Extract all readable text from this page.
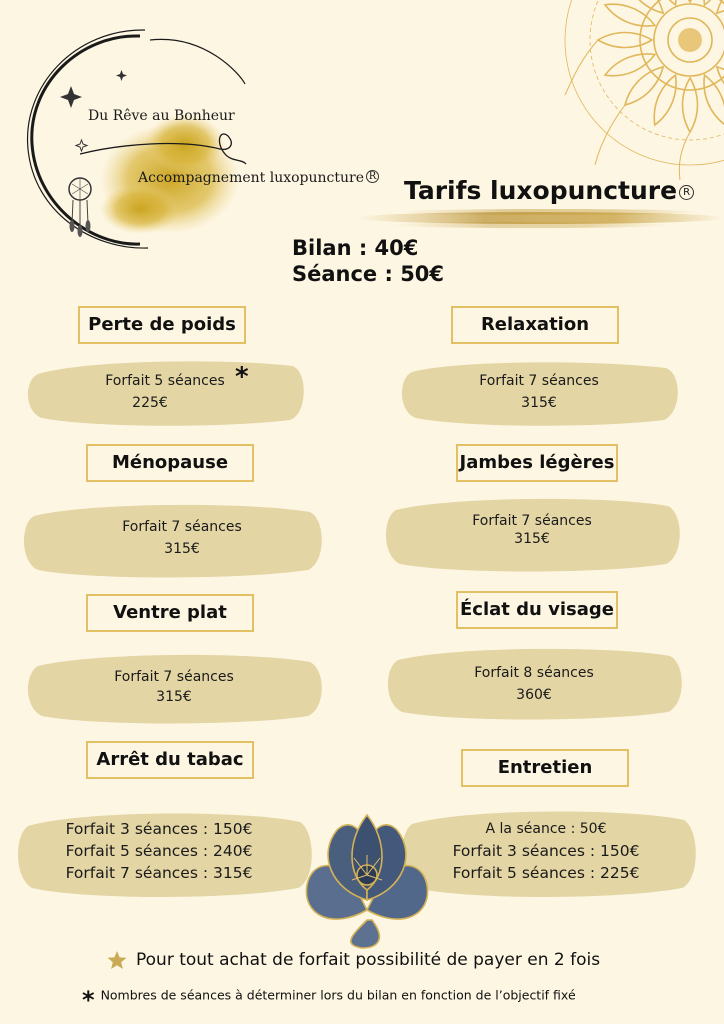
Du Rêve au Bonheur
Accompagnement luxopuncture R Tarifs luxopuncture R
Bilan : 40€
Séance : 50€
Perte de poids	Relaxation
Ménopause	Jambes légères
Ventre plat	Éclat du visage
Arrêt du tabac	Entretien
Forfait 5 séances
225€
*	Forfait 7 séances
315€
Forfait 7 séances
315€
Forfait 7 séances
315€
Forfait 7 séances
315€
Forfait 8 séances
360€
Forfait 3 séances : 150€
Forfait 5 séances : 240€
Forfait 7 séances : 315€
A la séance : 50€
Forfait 3 séances : 150€
Forfait 5 séances : 225€
Pour tout achat de forfait possibilité de payer en 2 fois
* Nombres de séances à déterminer lors du bilan en fonction de l’objectif fixé
